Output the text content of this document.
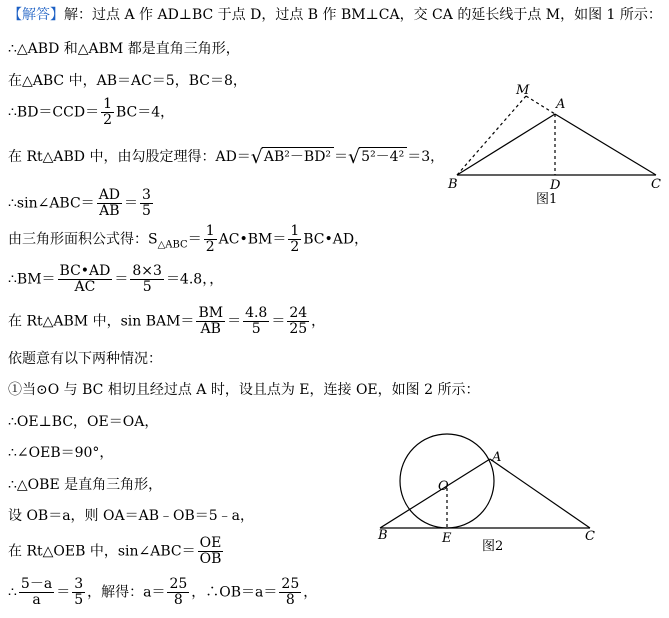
【解答】解：过点 A 作 AD⊥BC 于点 D，过点 B 作 BM⊥CA，交 CA 的延长线于点 M，如图 1 所示：
∴△ABD 和△ABM 都是直角三角形，
在△ABC 中，AB＝AC＝5，BC＝8，
∴BD＝CCD＝ $\frac{1}{2} BC=4$，
在 Rt△ABD 中，由勾股定理得：AD＝√AB²－BD² ＝√5²－4² ＝3，
∴sin∠ABC＝ $\frac{AD}{AB} = \frac{3}{5}$
由三角形面积公式得：$S_{\triangle ABC}= \frac{1}{2}$ AC•BM＝ $\frac{1}{2}$ BC•AD，
∴BM＝ $\frac{BC•AD}{AC} = \frac{8\times 3}{5} =4.8$，，
在 Rt△ABM 中，$\sin BAM= \frac{BM}{AB} = \frac{4.8}{5} = \frac{24}{25}$ ，
依题意有以下两种情况：
①当⊙O 与 BC 相切且经过点 A 时，设且点为 E，连接 OE，如图 2 所示：
∴OE⊥BC，OE＝OA，
∴∠OEB＝90°，
∴△OBE 是直角三角形，
设 OB＝a，则 OA＝AB﹣OB＝5﹣a，
在 Rt△OEB 中，sin∠ABC＝ $\frac{OE}{OB}$
∴ $\frac{5-a}{a} = \frac{3}{5}$ ，解得：$a= \frac{25}{8}$ ，∴OB＝a＝ $\frac{25}{8}$ ，
M
A
B	D	C
图1
A
O
B	E	C
图2
